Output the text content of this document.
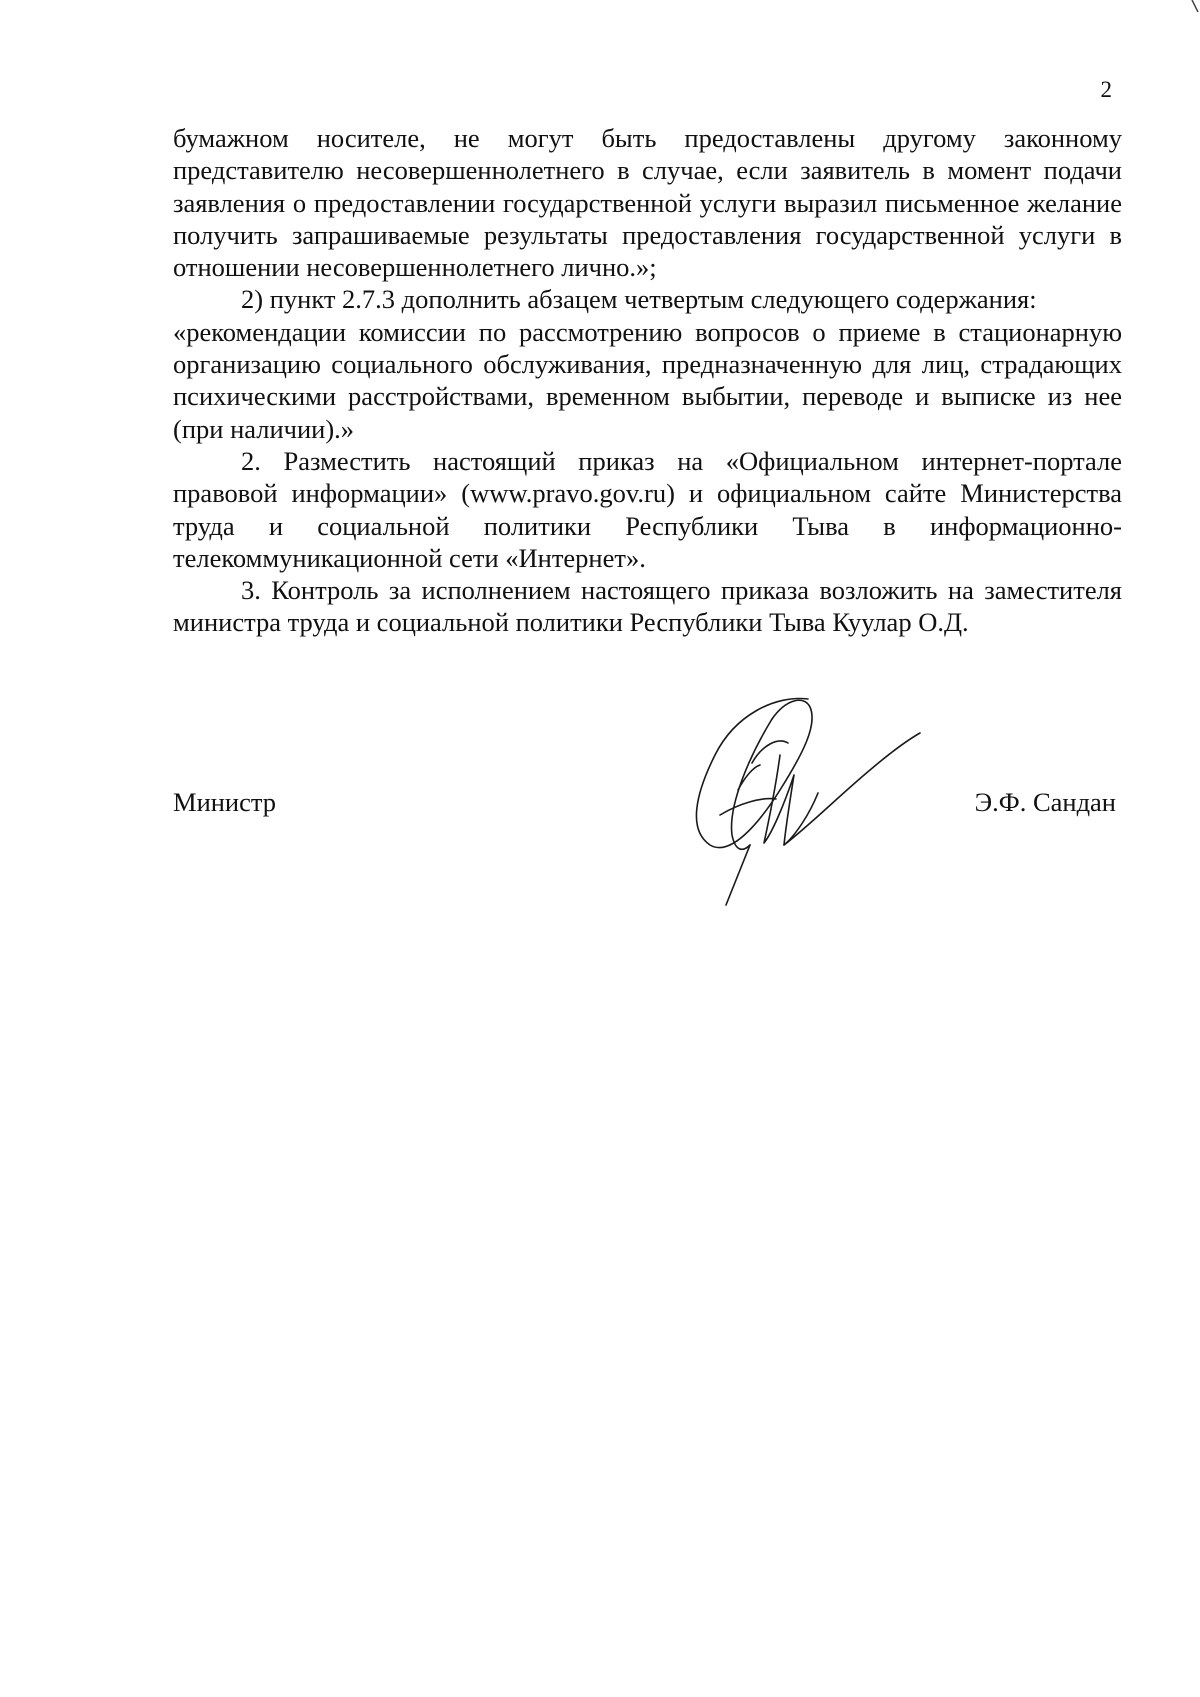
2

бумажном носителе, не могут быть предоставлены другому законному представителю несовершеннолетнего в случае, если заявитель в момент подачи заявления о предоставлении государственной услуги выразил письменное желание получить запрашиваемые результаты предоставления государственной услуги в отношении несовершеннолетнего лично.»;

2) пункт 2.7.3 дополнить абзацем четвертым следующего содержания:

«рекомендации комиссии по рассмотрению вопросов о приеме в стационарную организацию социального обслуживания, предназначенную для лиц, страдающих психическими расстройствами, временном выбытии, переводе и выписке из нее (при наличии).»

2. Разместить настоящий приказ на «Официальном интернет-портале правовой информации» (www.pravo.gov.ru) и официальном сайте Министерства труда и социальной политики Республики Тыва в информационно-телекоммуникационной сети «Интернет».

3. Контроль за исполнением настоящего приказа возложить на заместителя министра труда и социальной политики Республики Тыва Куулар О.Д.

Министр	Э.Ф. Сандан
